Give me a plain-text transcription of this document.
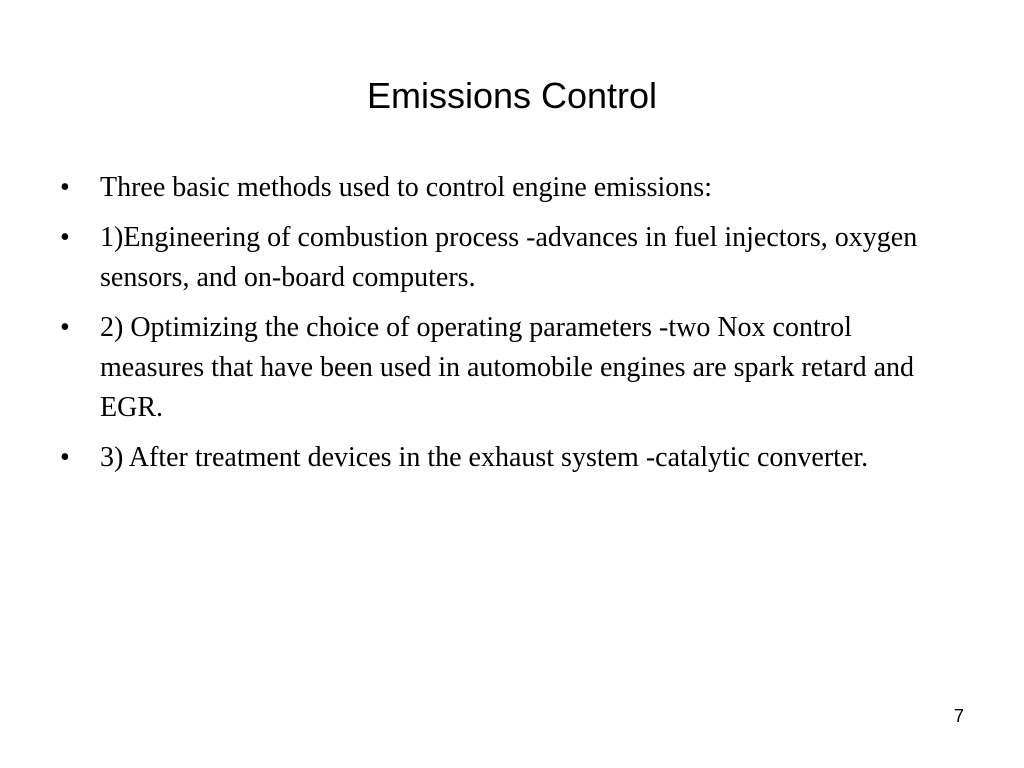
Emissions Control
•	Three basic methods used to control engine emissions:
•	1)Engineering of combustion process -advances in fuel injectors, oxygen sensors, and on-board computers.
•	2) Optimizing the choice of operating parameters -two Nox control measures that have been used in automobile engines are spark retard and EGR.
•	3) After treatment devices in the exhaust system -catalytic converter.
7
